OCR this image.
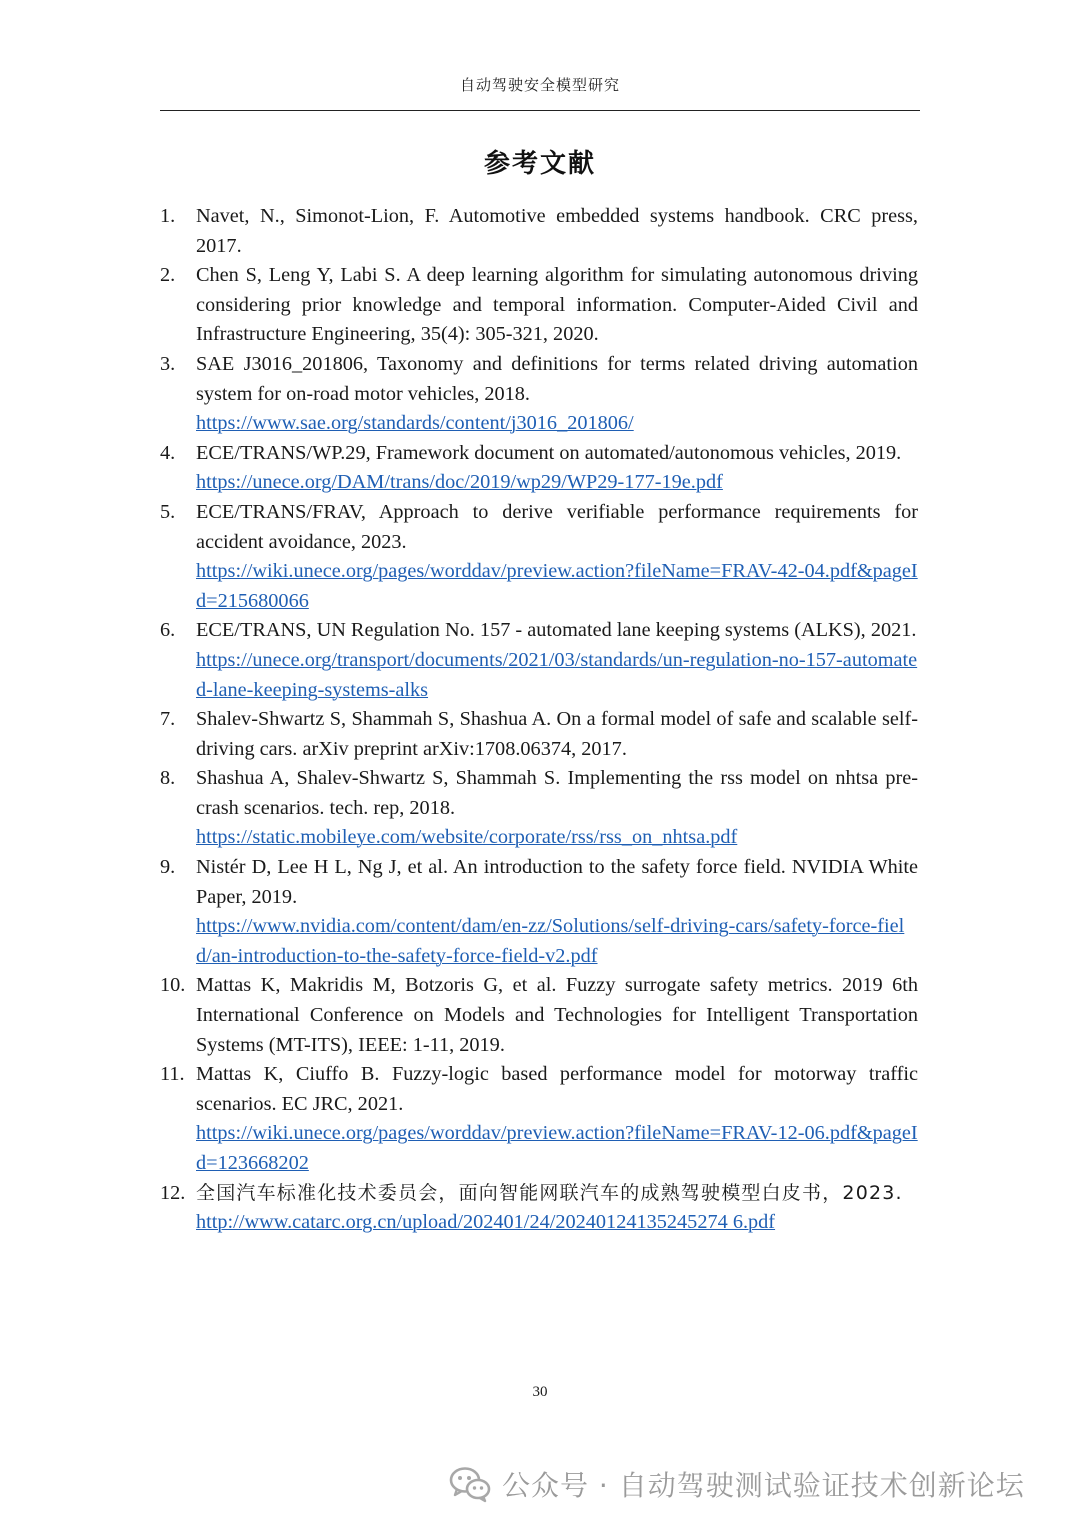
自动驾驶安全模型研究
参考文献
1.	Navet, N., Simonot-Lion, F. Automotive embedded systems handbook. CRC press, 2017.
2.	Chen S, Leng Y, Labi S. A deep learning algorithm for simulating autonomous driving considering prior knowledge and temporal information. Computer‐Aided Civil and Infrastructure Engineering, 35(4): 305-321, 2020.
3.	SAE J3016_201806, Taxonomy and definitions for terms related driving automation system for on-road motor vehicles, 2018.
https://www.sae.org/standards/content/j3016_201806/
4.	ECE/TRANS/WP.29, Framework document on automated/autonomous vehicles, 2019.
https://unece.org/DAM/trans/doc/2019/wp29/WP29-177-19e.pdf
5.	ECE/TRANS/FRAV, Approach to derive verifiable performance requirements for accident avoidance, 2023.
https://wiki.unece.org/pages/worddav/preview.action?fileName=FRAV-42-04.pdf&pageId=215680066
6.	ECE/TRANS, UN Regulation No. 157 - automated lane keeping systems (ALKS), 2021.
https://unece.org/transport/documents/2021/03/standards/un-regulation-no-157-automated-lane-keeping-systems-alks
7.	Shalev-Shwartz S, Shammah S, Shashua A. On a formal model of safe and scalable self-driving cars. arXiv preprint arXiv:1708.06374, 2017.
8.	Shashua A, Shalev-Shwartz S, Shammah S. Implementing the rss model on nhtsa pre-crash scenarios. tech. rep, 2018.
https://static.mobileye.com/website/corporate/rss/rss_on_nhtsa.pdf
9.	Nistér D, Lee H L, Ng J, et al. An introduction to the safety force field. NVIDIA White Paper, 2019.
https://www.nvidia.com/content/dam/en-zz/Solutions/self-driving-cars/safety-force-field/an-introduction-to-the-safety-force-field-v2.pdf
10. Mattas K, Makridis M, Botzoris G, et al. Fuzzy surrogate safety metrics. 2019 6th International Conference on Models and Technologies for Intelligent Transportation Systems (MT-ITS), IEEE: 1-11, 2019.
11. Mattas K, Ciuffo B. Fuzzy-logic based performance model for motorway traffic scenarios. EC JRC, 2021.
https://wiki.unece.org/pages/worddav/preview.action?fileName=FRAV-12-06.pdf&pageId=123668202
12. 全国汽车标准化技术委员会，面向智能网联汽车的成熟驾驶模型白皮书，2023.
http://www.catarc.org.cn/upload/202401/24/20240124135245274 6.pdf
30
公众号 · 自动驾驶测试验证技术创新论坛
